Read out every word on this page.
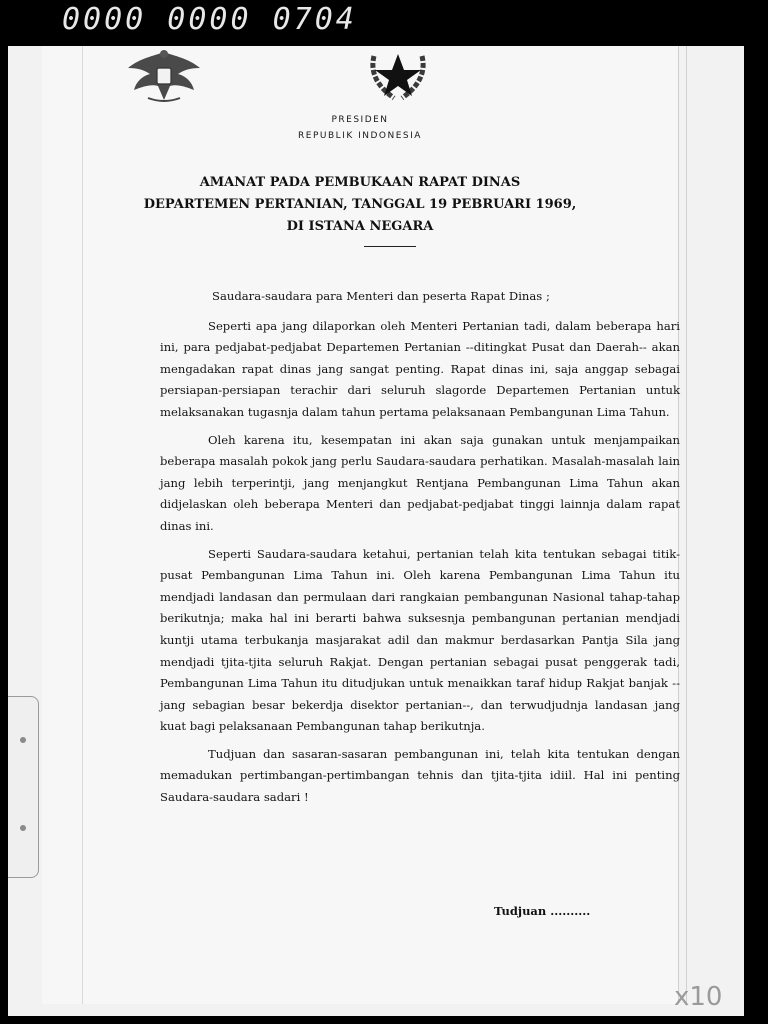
0000 0000 0704
PRESIDEN
REPUBLIK INDONESIA
AMANAT PADA PEMBUKAAN RAPAT DINAS
DEPARTEMEN PERTANIAN, TANGGAL 19 PEBRUARI 1969,
DI ISTANA NEGARA

Saudara-saudara para Menteri dan peserta Rapat Dinas ;

Seperti apa jang dilaporkan oleh Menteri Pertanian tadi, dalam beberapa hari ini, para pedjabat-pedjabat Departemen Pertanian --ditingkat Pusat dan Daerah-- akan mengadakan rapat dinas jang sangat penting. Rapat dinas ini, saja anggap sebagai persiapan-persiapan terachir dari seluruh slagorde Departemen Pertanian untuk melaksanakan tugasnja dalam tahun pertama pelaksanaan Pembangunan Lima Tahun.

Oleh karena itu, kesempatan ini akan saja gunakan untuk menjampaikan beberapa masalah pokok jang perlu Saudara-saudara perhatikan. Masalah-masalah lain jang lebih terperintji, jang menjangkut Rentjana Pembangunan Lima Tahun akan didjelaskan oleh beberapa Menteri dan pedjabat-pedjabat tinggi lainnja dalam rapat dinas ini.

Seperti Saudara-saudara ketahui, pertanian telah kita tentukan sebagai titik-pusat Pembangunan Lima Tahun ini. Oleh karena Pembangunan Lima Tahun itu mendjadi landasan dan permulaan dari rangkaian pembangunan Nasional tahap-tahap berikutnja; maka hal ini berarti bahwa suksesnja pembangunan pertanian mendjadi kuntji utama terbukanja masjarakat adil dan makmur berdasarkan Pantja Sila jang mendjadi tjita-tjita seluruh Rakjat. Dengan pertanian sebagai pusat penggerak tadi, Pembangunan Lima Tahun itu ditudjukan untuk menaikkan taraf hidup Rakjat banjak --jang sebagian besar bekerdja disektor pertanian--, dan terwudjudnja landasan jang kuat bagi pelaksanaan Pembangunan tahap berikutnja.

Tudjuan dan sasaran-sasaran pembangunan ini, telah kita tentukan dengan memadukan pertimbangan-pertimbangan tehnis dan tjita-tjita idiil. Hal ini penting Saudara-saudara sadari !

Tudjuan ..........
x10
